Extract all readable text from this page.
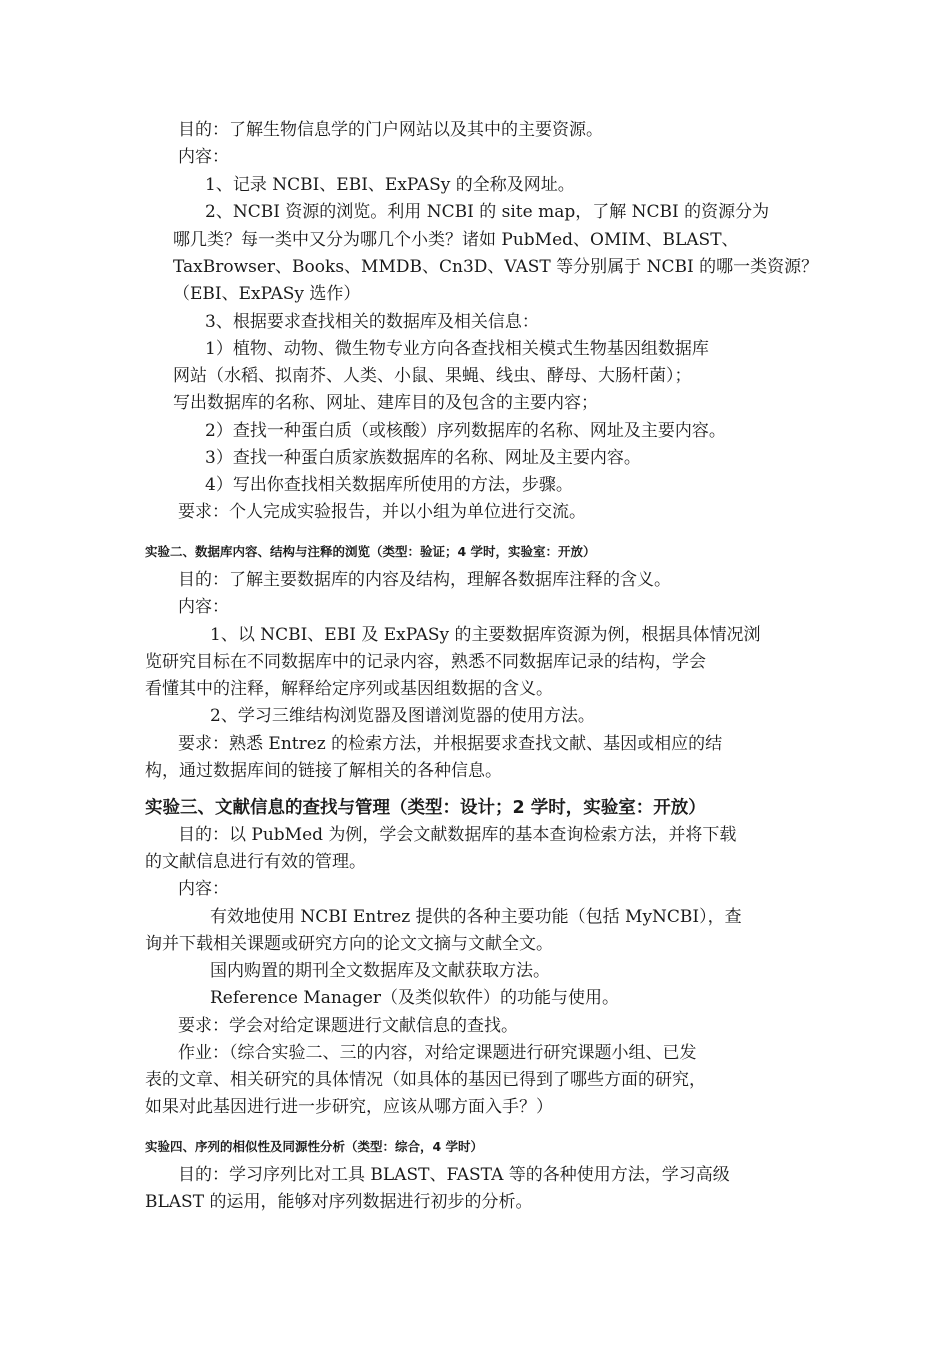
目的：了解生物信息学的门户网站以及其中的主要资源。
内容：
1、记录 NCBI、EBI、ExPASy 的全称及网址。
2、NCBI 资源的浏览。利用 NCBI 的 site map，了解 NCBI 的资源分为
哪几类？每一类中又分为哪几个小类？诸如 PubMed、OMIM、BLAST、
TaxBrowser、Books、MMDB、Cn3D、VAST 等分别属于 NCBI 的哪一类资源？
（EBI、ExPASy 选作）
3、根据要求查找相关的数据库及相关信息：
1）植物、动物、微生物专业方向各查找相关模式生物基因组数据库
网站（水稻、拟南芥、人类、小鼠、果蝇、线虫、酵母、大肠杆菌）；
写出数据库的名称、网址、建库目的及包含的主要内容；
2）查找一种蛋白质（或核酸）序列数据库的名称、网址及主要内容。
3）查找一种蛋白质家族数据库的名称、网址及主要内容。
4）写出你查找相关数据库所使用的方法，步骤。
要求：个人完成实验报告，并以小组为单位进行交流。
实验二、数据库内容、结构与注释的浏览（类型：验证；4 学时，实验室：开放）
目的：了解主要数据库的内容及结构，理解各数据库注释的含义。
内容：
1、以 NCBI、EBI 及 ExPASy 的主要数据库资源为例，根据具体情况浏
览研究目标在不同数据库中的记录内容，熟悉不同数据库记录的结构，学会
看懂其中的注释，解释给定序列或基因组数据的含义。
2、学习三维结构浏览器及图谱浏览器的使用方法。
要求：熟悉 Entrez 的检索方法，并根据要求查找文献、基因或相应的结
构，通过数据库间的链接了解相关的各种信息。
实验三、文献信息的查找与管理（类型：设计；2 学时，实验室：开放）
目的：以 PubMed 为例，学会文献数据库的基本查询检索方法，并将下载
的文献信息进行有效的管理。
内容：
有效地使用 NCBI Entrez 提供的各种主要功能（包括 MyNCBI），查
询并下载相关课题或研究方向的论文文摘与文献全文。
国内购置的期刊全文数据库及文献获取方法。
Reference Manager（及类似软件）的功能与使用。
要求：学会对给定课题进行文献信息的查找。
作业：（综合实验二、三的内容，对给定课题进行研究课题小组、已发
表的文章、相关研究的具体情况（如具体的基因已得到了哪些方面的研究，
如果对此基因进行进一步研究，应该从哪方面入手？）
实验四、序列的相似性及同源性分析（类型：综合，4 学时）
目的：学习序列比对工具 BLAST、FASTA 等的各种使用方法，学习高级
BLAST 的运用，能够对序列数据进行初步的分析。
